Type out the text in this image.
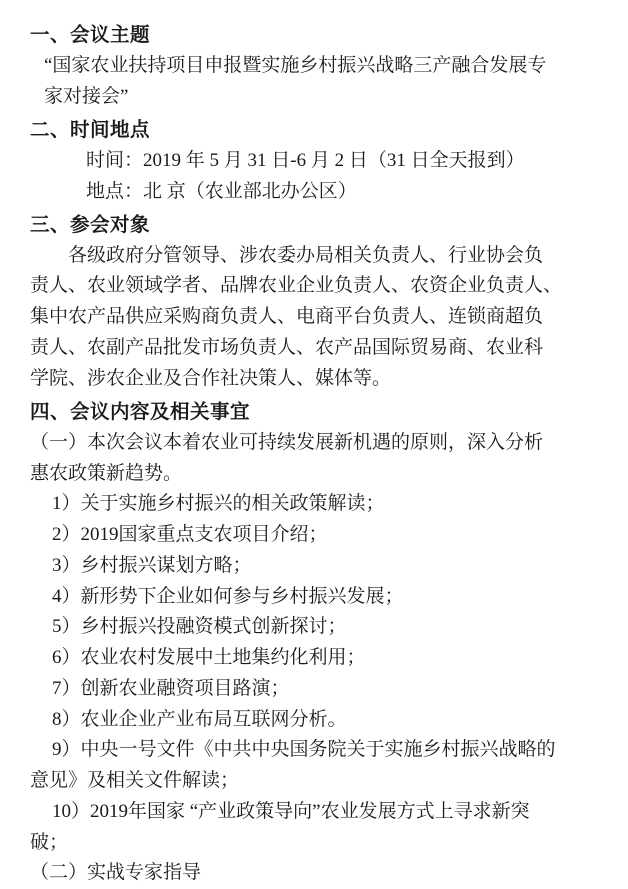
一、会议主题
“国家农业扶持项目申报暨实施乡村振兴战略三产融合发展专
家对接会”
二、时间地点
时间：2019 年 5 月 31 日-6 月 2 日（31 日全天报到）
地点：北 京（农业部北办公区）
三、参会对象
各级政府分管领导、涉农委办局相关负责人、行业协会负
责人、农业领域学者、品牌农业企业负责人、农资企业负责人、
集中农产品供应采购商负责人、电商平台负责人、连锁商超负
责人、农副产品批发市场负责人、农产品国际贸易商、农业科
学院、涉农企业及合作社决策人、媒体等。
四、会议内容及相关事宜
（一）本次会议本着农业可持续发展新机遇的原则，深入分析
惠农政策新趋势。
1）关于实施乡村振兴的相关政策解读；
2）2019国家重点支农项目介绍；
3）乡村振兴谋划方略；
4）新形势下企业如何参与乡村振兴发展；
5）乡村振兴投融资模式创新探讨；
6）农业农村发展中土地集约化利用；
7）创新农业融资项目路演；
8）农业企业产业布局互联网分析。
9）中央一号文件《中共中央国务院关于实施乡村振兴战略的
意见》及相关文件解读；
10）2019年国家 “产业政策导向”农业发展方式上寻求新突
破；
（二）实战专家指导
